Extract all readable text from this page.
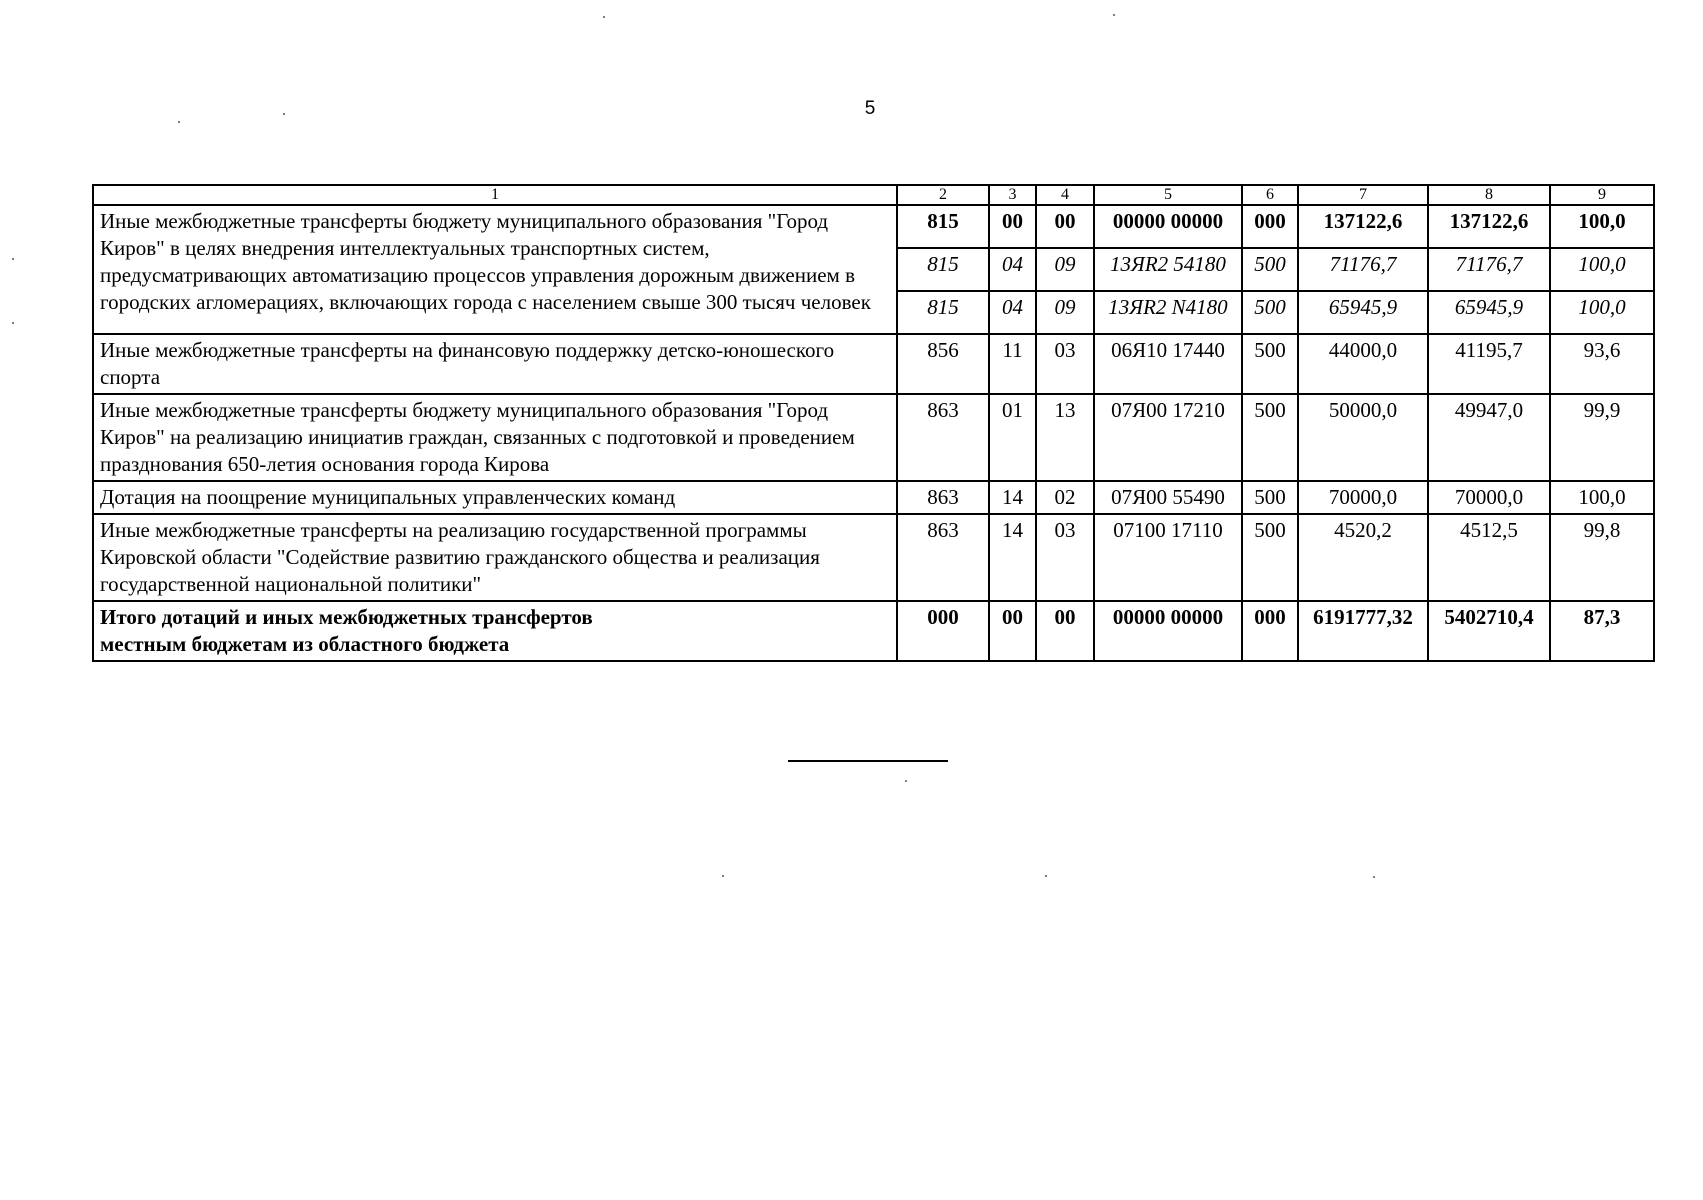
5
1	2	3	4	5	6	7	8	9
Иные межбюджетные трансферты бюджету муниципального образования "Город Киров" в целях внедрения интеллектуальных транспортных систем, предусматривающих автоматизацию процессов управления дорожным движением в городских агломерациях, включающих города с населением свыше 300 тысяч человек	815	00	00	00000 00000	000	137122,6	137122,6	100,0
	815	04	09	13ЯR2 54180	500	71176,7	71176,7	100,0
	815	04	09	13ЯR2 N4180	500	65945,9	65945,9	100,0
Иные межбюджетные трансферты на финансовую поддержку детско-юношеского спорта	856	11	03	06Я10 17440	500	44000,0	41195,7	93,6
Иные межбюджетные трансферты бюджету муниципального образования "Город Киров" на реализацию инициатив граждан, связанных с подготовкой и проведением празднования 650-летия основания города Кирова	863	01	13	07Я00 17210	500	50000,0	49947,0	99,9
Дотация на поощрение муниципальных управленческих команд	863	14	02	07Я00 55490	500	70000,0	70000,0	100,0
Иные межбюджетные трансферты на реализацию государственной программы Кировской области "Содействие развитию гражданского общества и реализация государственной национальной политики"	863	14	03	07100 17110	500	4520,2	4512,5	99,8

Итого дотаций и иных межбюджетных трансфертов
местным бюджетам из областного бюджета	000	00	00	00000 00000	000	6191777,32	5402710,4	87,3
